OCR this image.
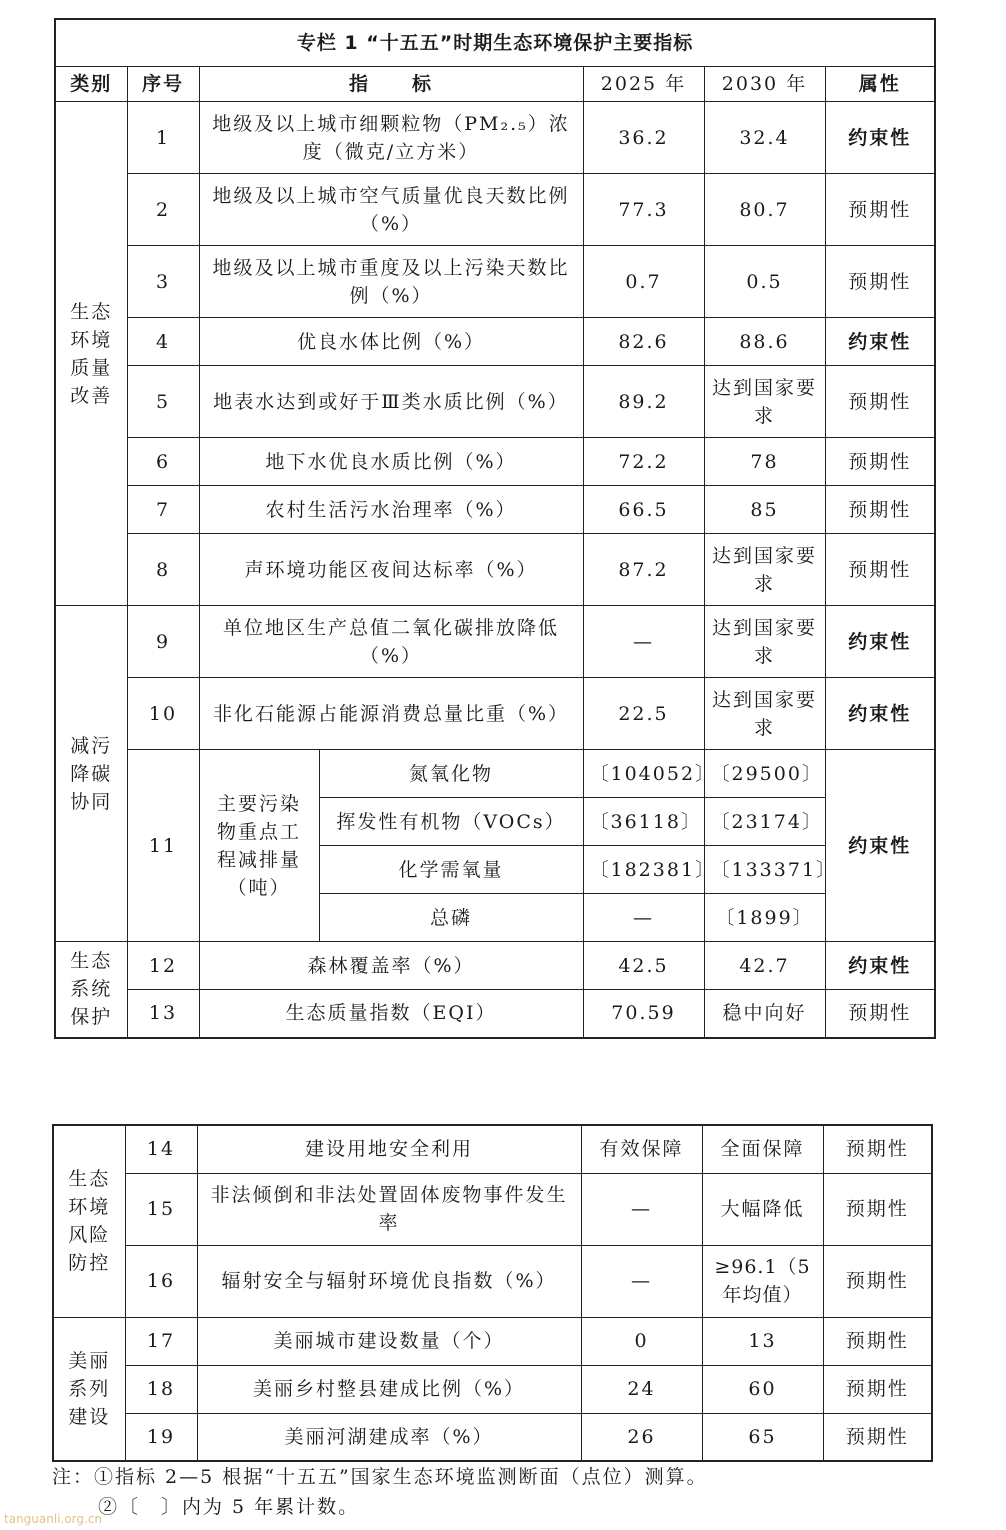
专栏 1 “十五五”时期生态环境保护主要指标						
类别	序号	指　　标		2025 年	2030 年	属性
生态环境质量改善	1	地级及以上城市细颗粒物（PM₂.₅）浓度（微克/立方米）		36.2	32.4	约束性
	2	地级及以上城市空气质量优良天数比例（%）		77.3	80.7	预期性
	3	地级及以上城市重度及以上污染天数比例（%）		0.7	0.5	预期性
	4	优良水体比例（%）		82.6	88.6	约束性
	5	地表水达到或好于Ⅲ类水质比例（%）		89.2	达到国家要求	预期性
	6	地下水优良水质比例（%）		72.2	78	预期性
	7	农村生活污水治理率（%）		66.5	85	预期性
	8	声环境功能区夜间达标率（%）		87.2	达到国家要求	预期性
减污降碳协同	9	单位地区生产总值二氧化碳排放降低（%）		—	达到国家要求	约束性
	10	非化石能源占能源消费总量比重（%）		22.5	达到国家要求	约束性
	11	主要污染物重点工程减排量（吨）	氮氧化物	〔104052〕	〔29500〕	约束性
			挥发性有机物（VOCs）	〔36118〕	〔23174〕	
			化学需氧量	〔182381〕	〔133371〕	
			总磷	—	〔1899〕	
生态系统保护	12	森林覆盖率（%）		42.5	42.7	约束性
	13	生态质量指数（EQI）		70.59	稳中向好	预期性
生态环境风险防控	14	建设用地安全利用	有效保障	全面保障	预期性
	15	非法倾倒和非法处置固体废物事件发生率	—	大幅降低	预期性
	16	辐射安全与辐射环境优良指数（%）	—	≥96.1（5 年均值）	预期性
美丽系列建设	17	美丽城市建设数量（个）	0	13	预期性
	18	美丽乡村整县建成比例（%）	24	60	预期性
	19	美丽河湖建成率（%）	26	65	预期性
注：①指标 2—5 根据“十五五”国家生态环境监测断面（点位）测算。
②〔　〕内为 5 年累计数。
tanguanli.org.cn
